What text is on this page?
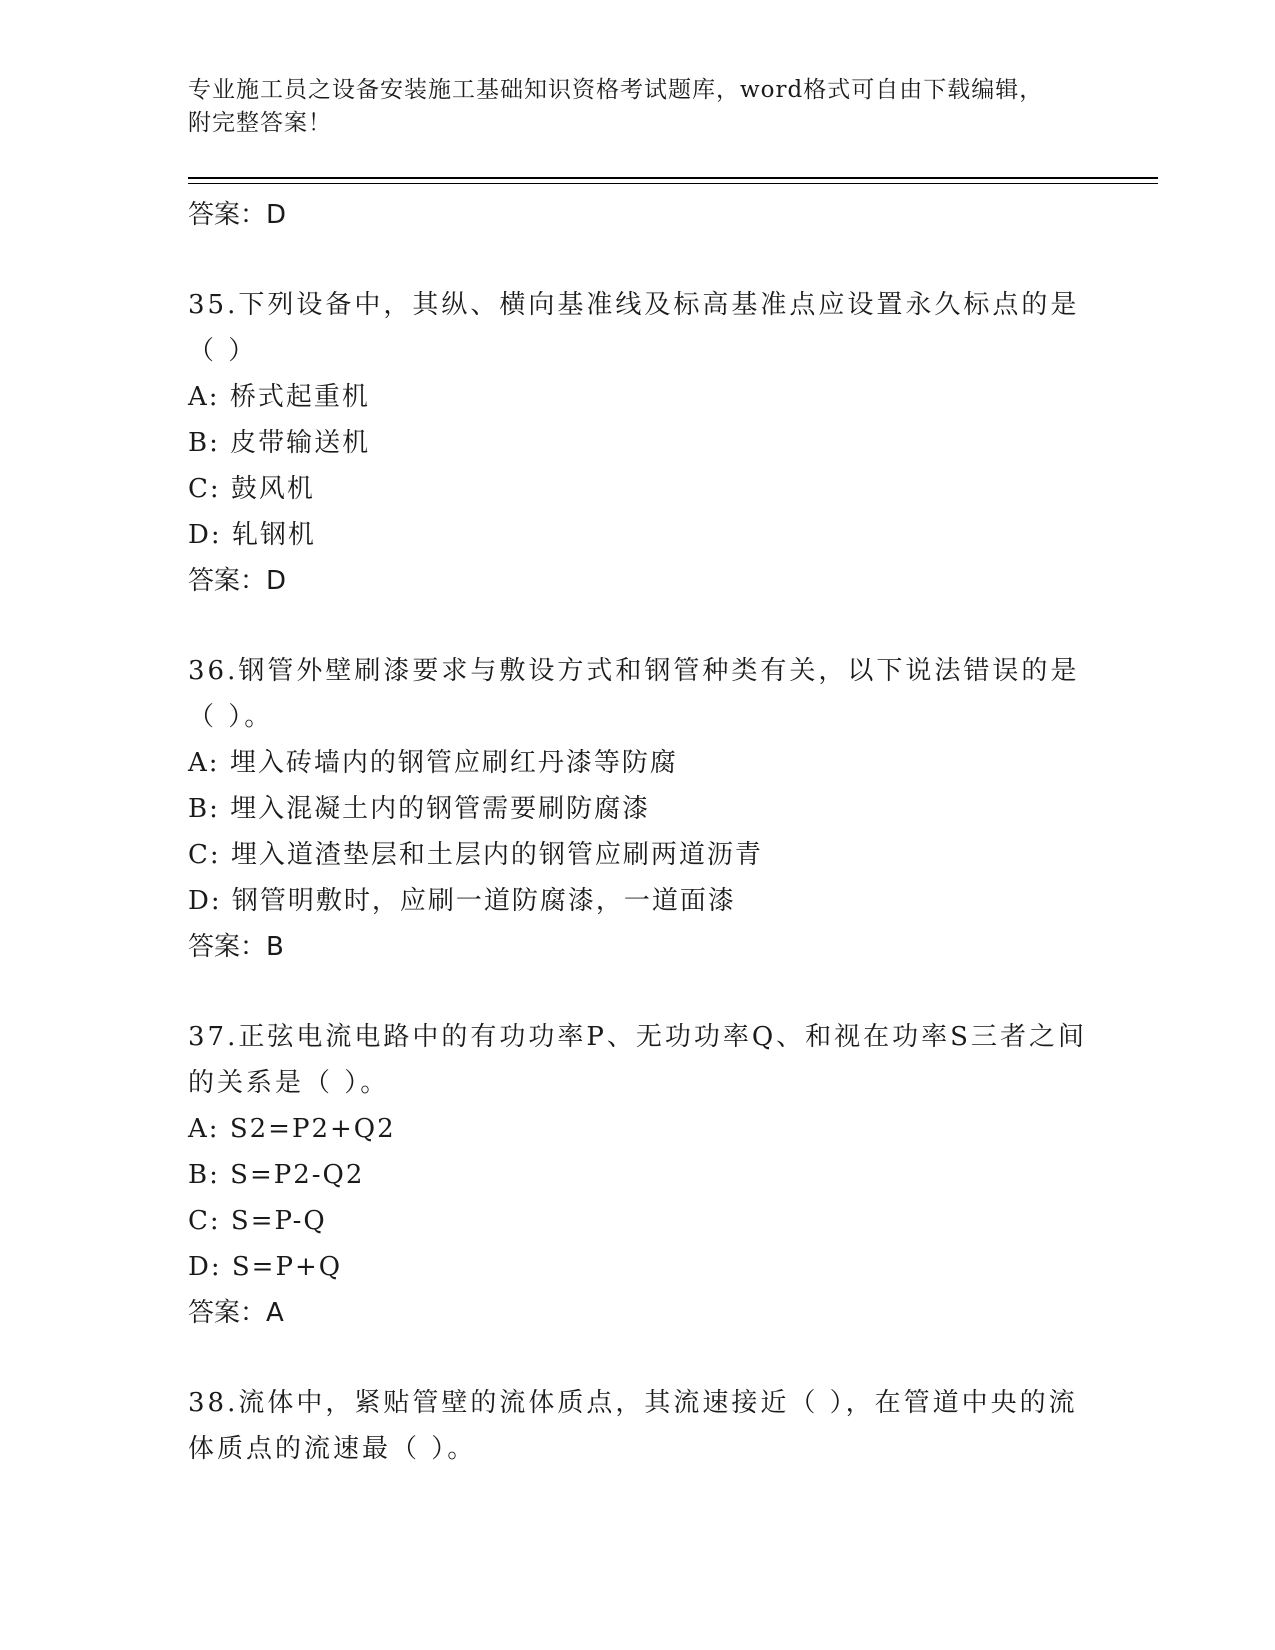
专业施工员之设备安装施工基础知识资格考试题库，word格式可自由下载编辑，
附完整答案！
答案：D

35.下列设备中，其纵、横向基准线及标高基准点应设置永久标点的是（ ）

A: 桥式起重机
B: 皮带输送机
C: 鼓风机
D: 轧钢机
答案：D

36.钢管外壁刷漆要求与敷设方式和钢管种类有关，以下说法错误的是（ ）。

A: 埋入砖墙内的钢管应刷红丹漆等防腐
B: 埋入混凝土内的钢管需要刷防腐漆
C: 埋入道渣垫层和土层内的钢管应刷两道沥青
D: 钢管明敷时，应刷一道防腐漆，一道面漆
答案：B

37.正弦电流电路中的有功功率P、无功功率Q、和视在功率S三者之间的关系是（ ）。

A: S2=P2+Q2
B: S=P2-Q2
C: S=P-Q
D: S=P+Q
答案：A

38.流体中，紧贴管壁的流体质点，其流速接近（ ），在管道中央的流体质点的流速最（ ）。
